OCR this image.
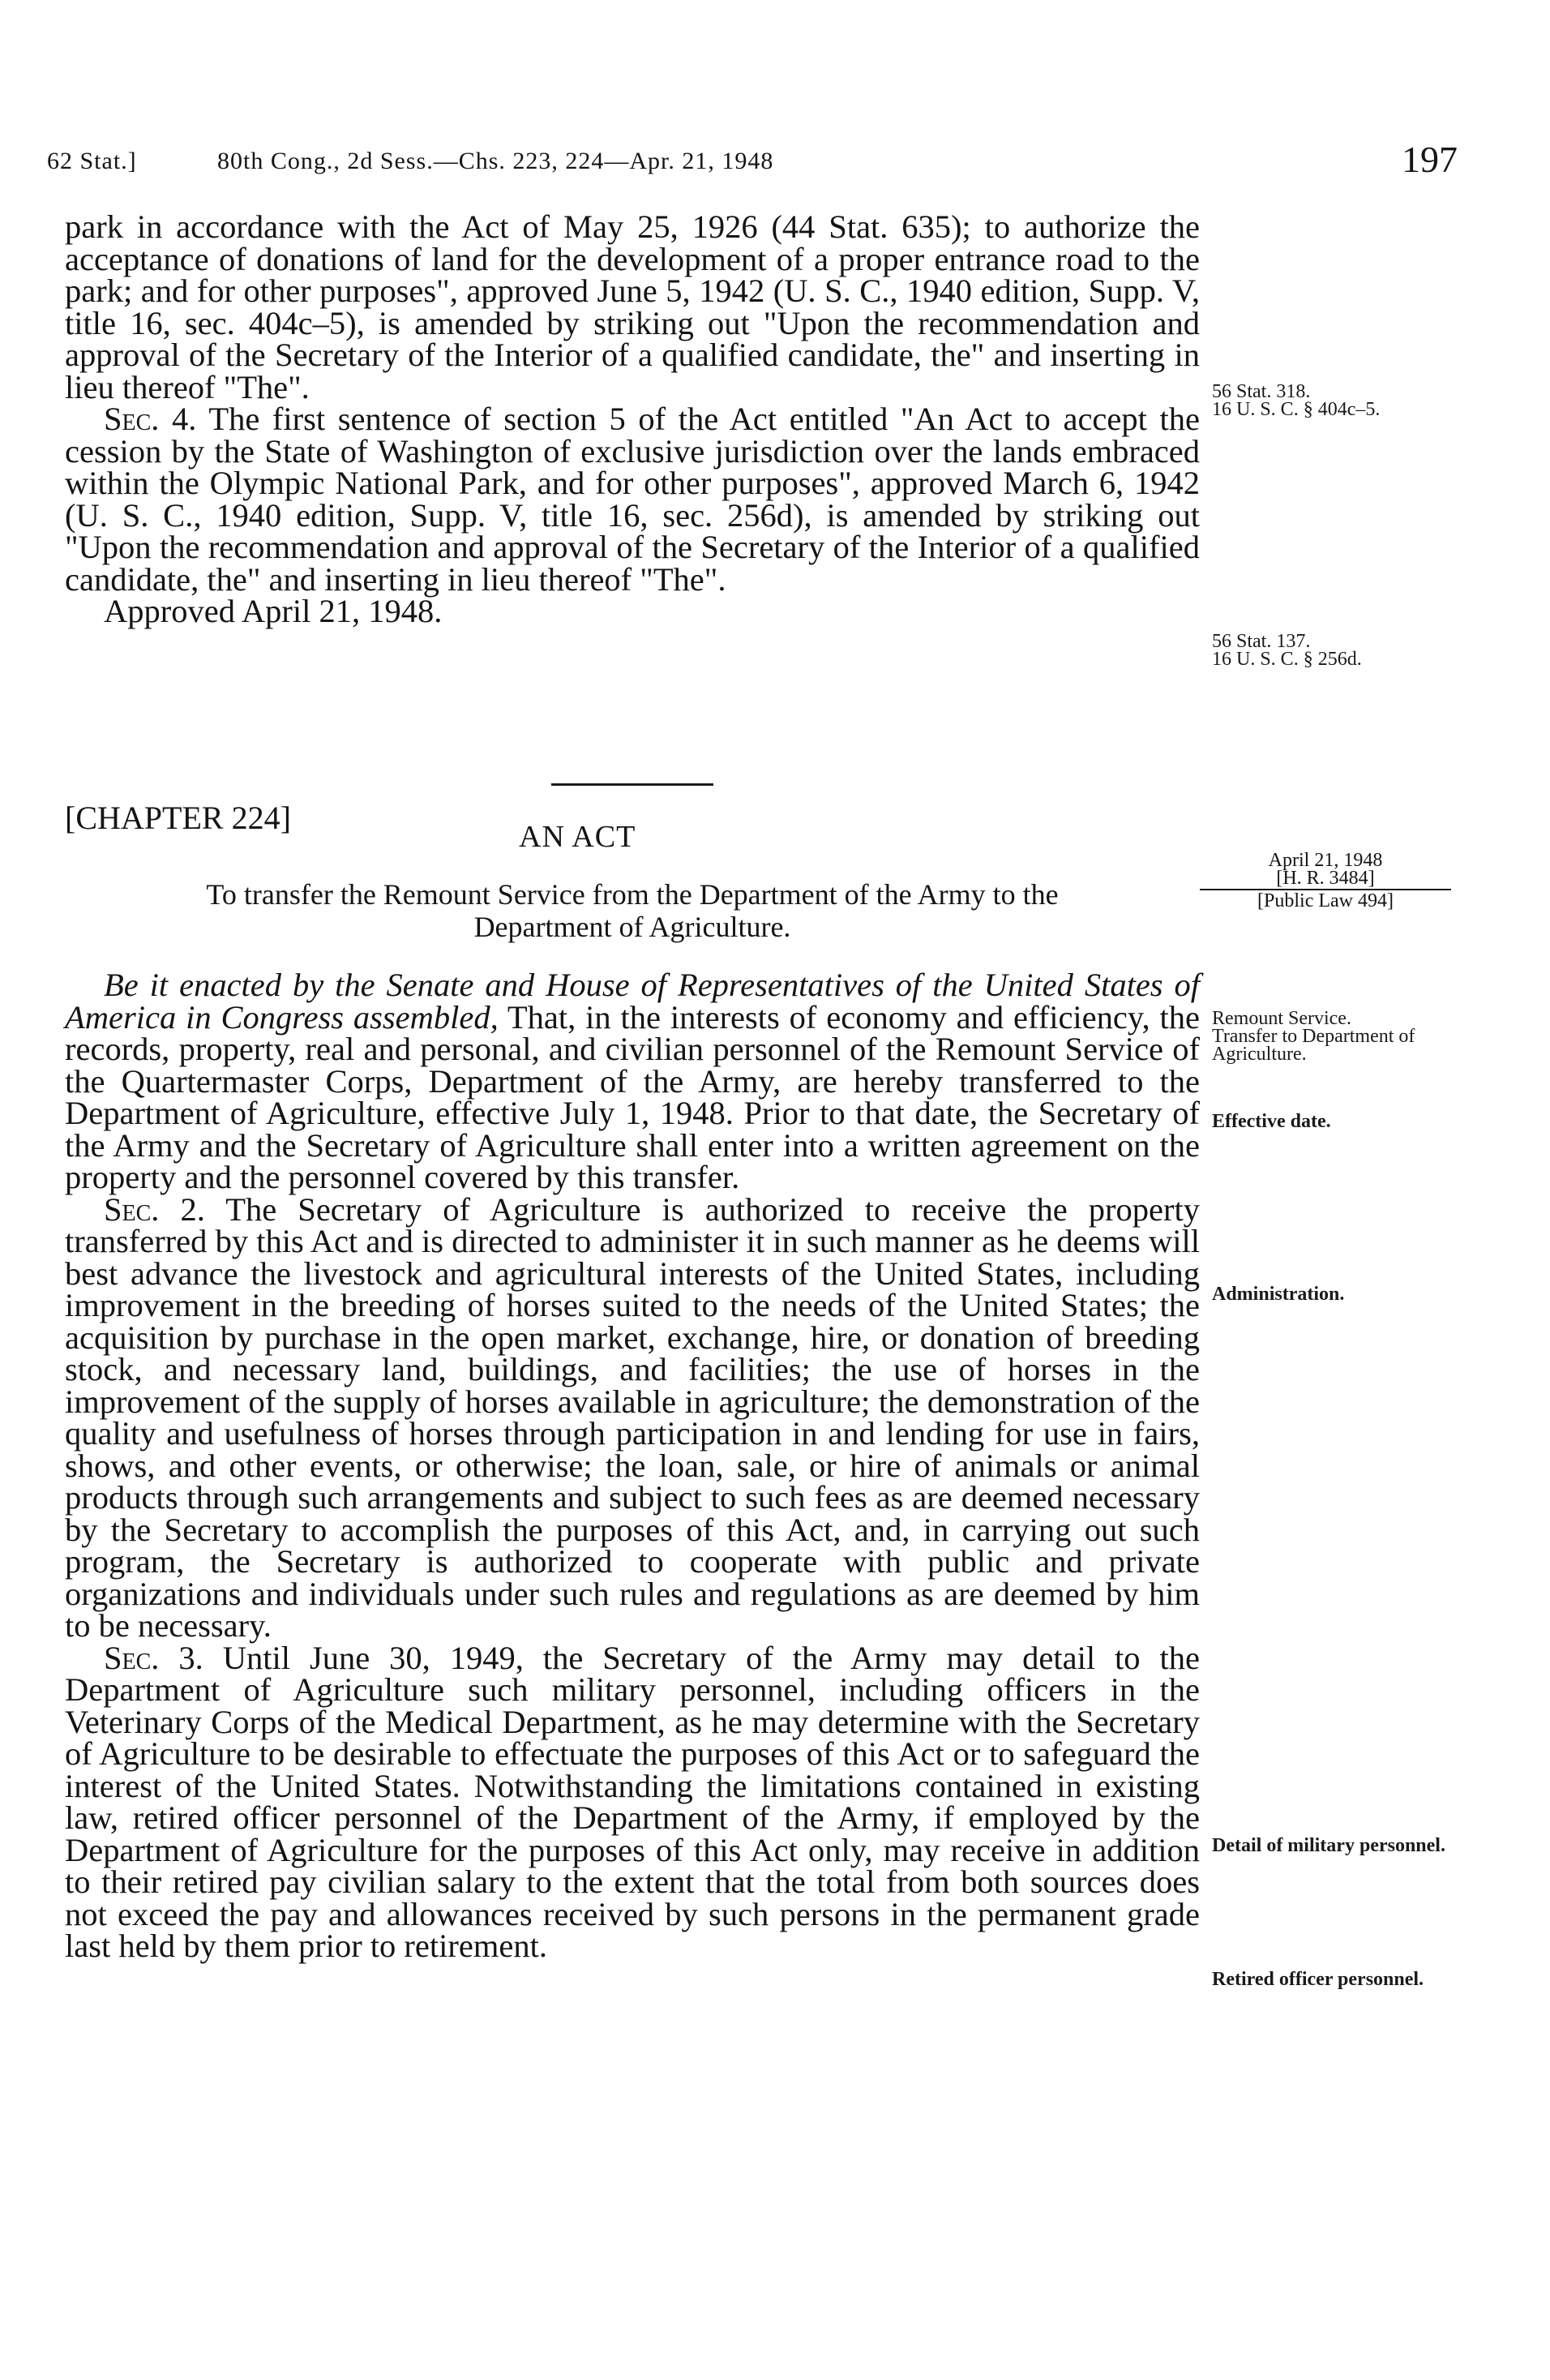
62 Stat.]	80th Cong., 2d Sess.—Chs. 223, 224—Apr. 21, 1948	197

park in accordance with the Act of May 25, 1926 (44 Stat. 635); to authorize the acceptance of donations of land for the development of a proper entrance road to the park; and for other purposes", approved June 5, 1942 (U. S. C., 1940 edition, Supp. V, title 16, sec. 404c–5), is amended by striking out "Upon the recommendation and approval of the Secretary of the Interior of a qualified candidate, the" and inserting in lieu thereof "The".

Sec. 4. The first sentence of section 5 of the Act entitled "An Act to accept the cession by the State of Washington of exclusive jurisdiction over the lands embraced within the Olympic National Park, and for other purposes", approved March 6, 1942 (U. S. C., 1940 edition, Supp. V, title 16, sec. 256d), is amended by striking out "Upon the recommendation and approval of the Secretary of the Interior of a qualified candidate, the" and inserting in lieu thereof "The".

Approved April 21, 1948.

56 Stat. 318.
16 U. S. C. § 404c–5.
56 Stat. 137.
16 U. S. C. § 256d.
[CHAPTER 224]
AN ACT
To transfer the Remount Service from the Department of the Army to the
Department of Agriculture.
April 21, 1948
[H. R. 3484]
[Public Law 494]

Be it enacted by the Senate and House of Representatives of the United States of America in Congress assembled, That, in the interests of economy and efficiency, the records, property, real and personal, and civilian personnel of the Remount Service of the Quartermaster Corps, Department of the Army, are hereby transferred to the Department of Agriculture, effective July 1, 1948. Prior to that date, the Secretary of the Army and the Secretary of Agriculture shall enter into a written agreement on the property and the personnel covered by this transfer.

Sec. 2. The Secretary of Agriculture is authorized to receive the property transferred by this Act and is directed to administer it in such manner as he deems will best advance the livestock and agricultural interests of the United States, including improvement in the breeding of horses suited to the needs of the United States; the acquisition by purchase in the open market, exchange, hire, or donation of breeding stock, and necessary land, buildings, and facilities; the use of horses in the improvement of the supply of horses available in agriculture; the demonstration of the quality and usefulness of horses through participation in and lending for use in fairs, shows, and other events, or otherwise; the loan, sale, or hire of animals or animal products through such arrangements and subject to such fees as are deemed necessary by the Secretary to accomplish the purposes of this Act, and, in carrying out such program, the Secretary is authorized to cooperate with public and private organizations and individuals under such rules and regulations as are deemed by him to be necessary.

Sec. 3. Until June 30, 1949, the Secretary of the Army may detail to the Department of Agriculture such military personnel, including officers in the Veterinary Corps of the Medical Department, as he may determine with the Secretary of Agriculture to be desirable to effectuate the purposes of this Act or to safeguard the interest of the United States. Notwithstanding the limitations contained in existing law, retired officer personnel of the Department of the Army, if employed by the Department of Agriculture for the purposes of this Act only, may receive in addition to their retired pay civilian salary to the extent that the total from both sources does not exceed the pay and allowances received by such persons in the permanent grade last held by them prior to retirement.

Remount Service.
Transfer to Department of Agriculture.
Effective date.
Administration.
Detail of military personnel.
Retired officer personnel.
